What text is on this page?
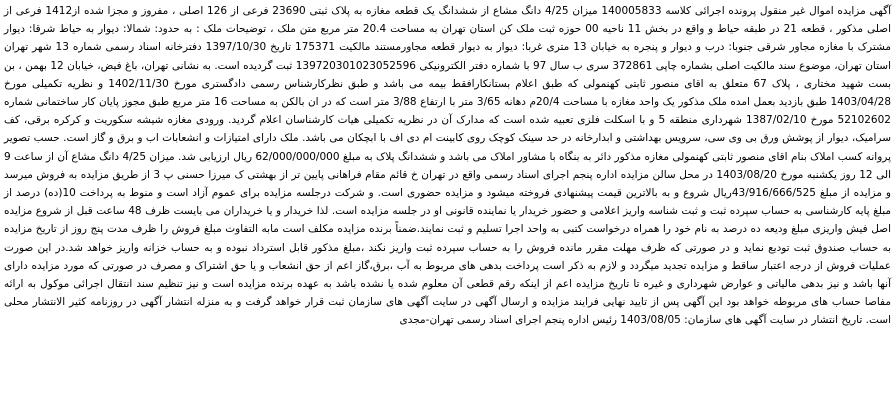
آگهی مزایده اموال غیر منقول پرونده اجرائی کلاسه 140005833 میزان 4/25 دانگ مشاع از ششدانگ یک قطعه مغازه به پلاک ثبتی 23690 فرعی از 126 اصلی ، مفروز و مجزا شده از1412 فرعی از اصلی مذکور ، قطعه 21 در طبقه حیاط و واقع در بخش 11 ناحیه 00 حوزه ثبت ملک کن استان تهران به مساحت 20.4 متر مربع متن ملک ، توضیحات ملک : به حدود: شمالا: دیوار به حیاط شرقا: دیوار مشترک با مغازه مجاور شرقی جنوبا: درب و دیوار و پنجره به خیابان 13 متری غربا: دیوار به دیوار قطعه مجاورمستند مالکیت 175371 تاریخ 1397/10/30 دفترخانه اسناد رسمی شماره 13 شهر تهران استان تهران، موضوع سند مالکیت اصلی بشماره چاپی 372861 سری ب سال 97 با شماره دفتر الکترونیکی 139720301023052596 ثبت گردیده است. به نشانی تهران، باغ فیض، خیابان 12 بهمن ، بن بست شهید مختاری ، پلاک 67 متعلق به اقای منصور ثابتی کهنمولی که طبق اعلام بستانکارافقط بیمه می باشد و طبق نظرکارشناس رسمی دادگستری مورخ 1402/11/30 و نظریه تکمیلی مورخ 1403/04/28 طبق بازدید بعمل امده ملک مذکور یک واحد مغازه با مساحت 20/4م دهانه 3/65 متر با ارتفاع 3/88 متر است که در ان بالکن به مساحت 16 متر مربع طبق مجوز پایان کار ساختمانی شماره 52102602 مورخ 1387/02/10 شهرداری منطقه 5 و با اسکلت فلزی تعبیه شده است که مدارک آن در نظریه تکمیلی هیات کارشناسان اعلام گردید. ورودی مغازه شیشه سکوریت و کرکره برقی، کف سرامیک، دیوار از پوشش ورق بی وی سی، سرویس بهداشتی و ابدارخانه در حد سینک کوچک روی کابینت ام دی اف با ابچکان می باشد. ملک دارای امتیازات و انشعابات اب و برق و گاز است. حسب تصویر پروانه کسب املاک بنام اقای منصور ثابتی کهنمولی مغازه مذکور دائر به بنگاه با مشاور املاک می باشد و ششدانگ پلاک به مبلغ 62/000/000/000 ریال ارزیابی شد. میزان 4/25 دانگ مشاع آن از ساعت 9 الی 12 روز یکشنبه مورخ 1403/08/20 در محل سالن مزایده اداره پنجم اجرای اسناد رسمی واقع در تهران خ قائم مقام فراهانی پایین تر از بهشتی ک میرزا حسنی پ 3 از طریق مزایده به فروش میرسد و مزایده از مبلغ 43/916/666/525ریال شروع و به بالاترین قیمت پیشنهادی فروخته میشود و مزایده حضوری است. و شرکت درجلسه مزایده برای عموم آزاد است و منوط به پرداخت 10(ده) درصد از مبلغ پایه کارشناسی به حساب سپرده ثبت و ثبت شناسه واریز اعلامی و حضور خریدار یا نماینده قانونی او در جلسه مزایده است. لذا خریدار و یا خریداران می بایست ظرف 48 ساعت قبل از شروع مزایده اصل فیش واریزی مبلغ ودیعه ده درصد به نام خود را همراه درخواست کتبی به واحد اجرا تسلیم و ثبت نمایند.ضمناً برنده مزایده مکلف است مابه التفاوت مبلغ فروش را ظرف مدت پنج روز از تاریخ مزایده به حساب صندوق ثبت تودیع نماید و در صورتی که ظرف مهلت مقرر مانده فروش را به حساب سپرده ثبت واریز نکند ،مبلغ مذکور قابل استرداد نبوده و به حساب خزانه واریز خواهد شد.در این صورت عملیات فروش از درجه اعتبار ساقط و مزایده تجدید میگردد و لازم به ذکر است پرداخت بدهی های مربوط به آب ،برق،گاز اعم از حق انشعاب و یا حق اشتراک و مصرف در صورتی که مورد مزایده دارای آنها باشد و نیز بدهی مالیاتی و عوارض شهرداری و غیره تا تاریخ مزایده اعم از اینکه رقم قطعی آن معلوم شده یا نشده باشد به عهده برنده مزایده است و نیز تنظیم سند انتقال اجرائی موکول به ارائه مفاصا حساب های مربوطه خواهد بود این آگهی پس از تایید نهایی فرایند مزایده و ارسال آگهی در سایت آگهی های سازمان ثبت قرار خواهد گرفت و به منزله انتشار آگهی در روزنامه کثیر الانتشار محلی است. تاریخ انتشار در سایت آگهی های سازمان: 1403/08/05 رئیس اداره پنجم اجرای اسناد رسمی تهران-مجدی
